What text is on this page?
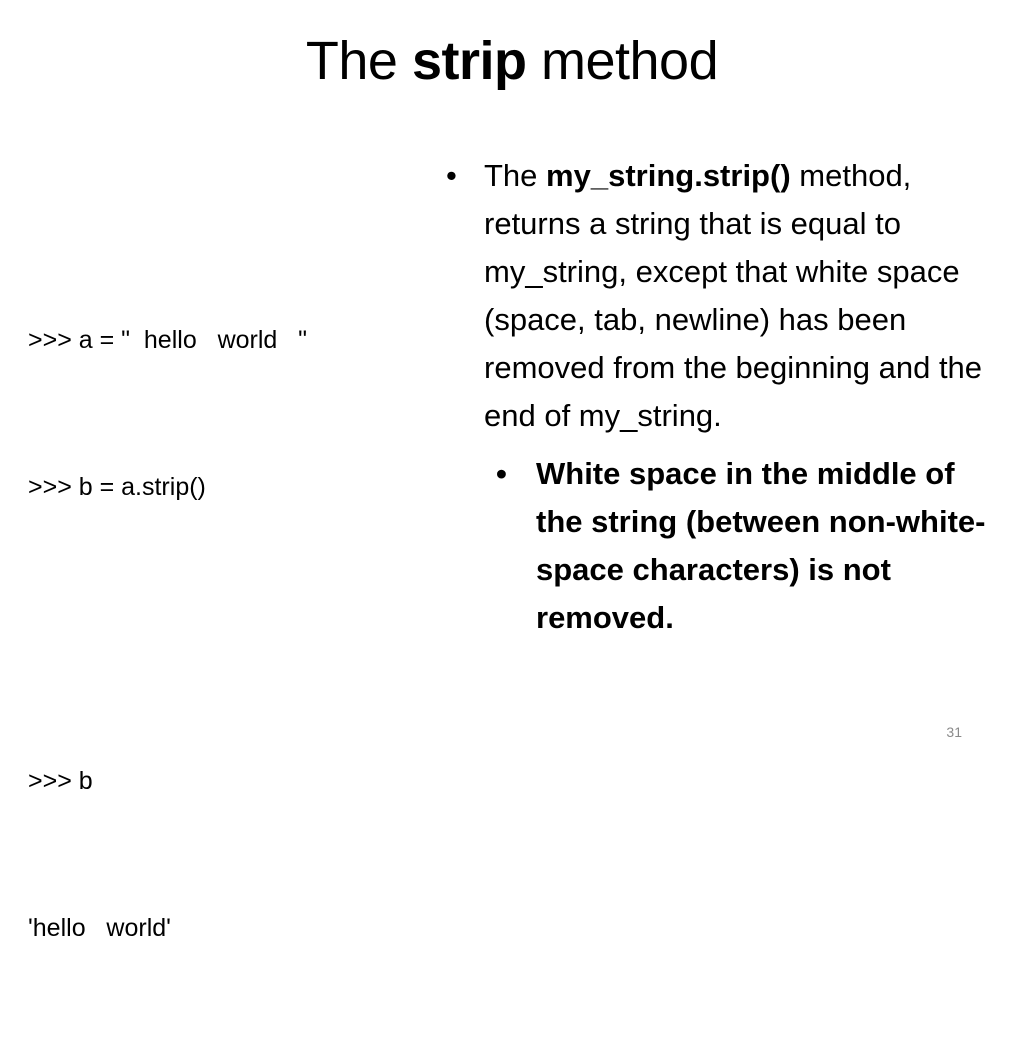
The strip method

>>> a = "  hello   world   "

>>> b = a.strip()

>>> b

'hello   world'

• The my_string.strip() method, returns a string that is equal to my_string, except that white space (space, tab, newline) has been removed from the beginning and the end of my_string.
• White space in the middle of the string (between non-white-space characters) is not removed.
31
